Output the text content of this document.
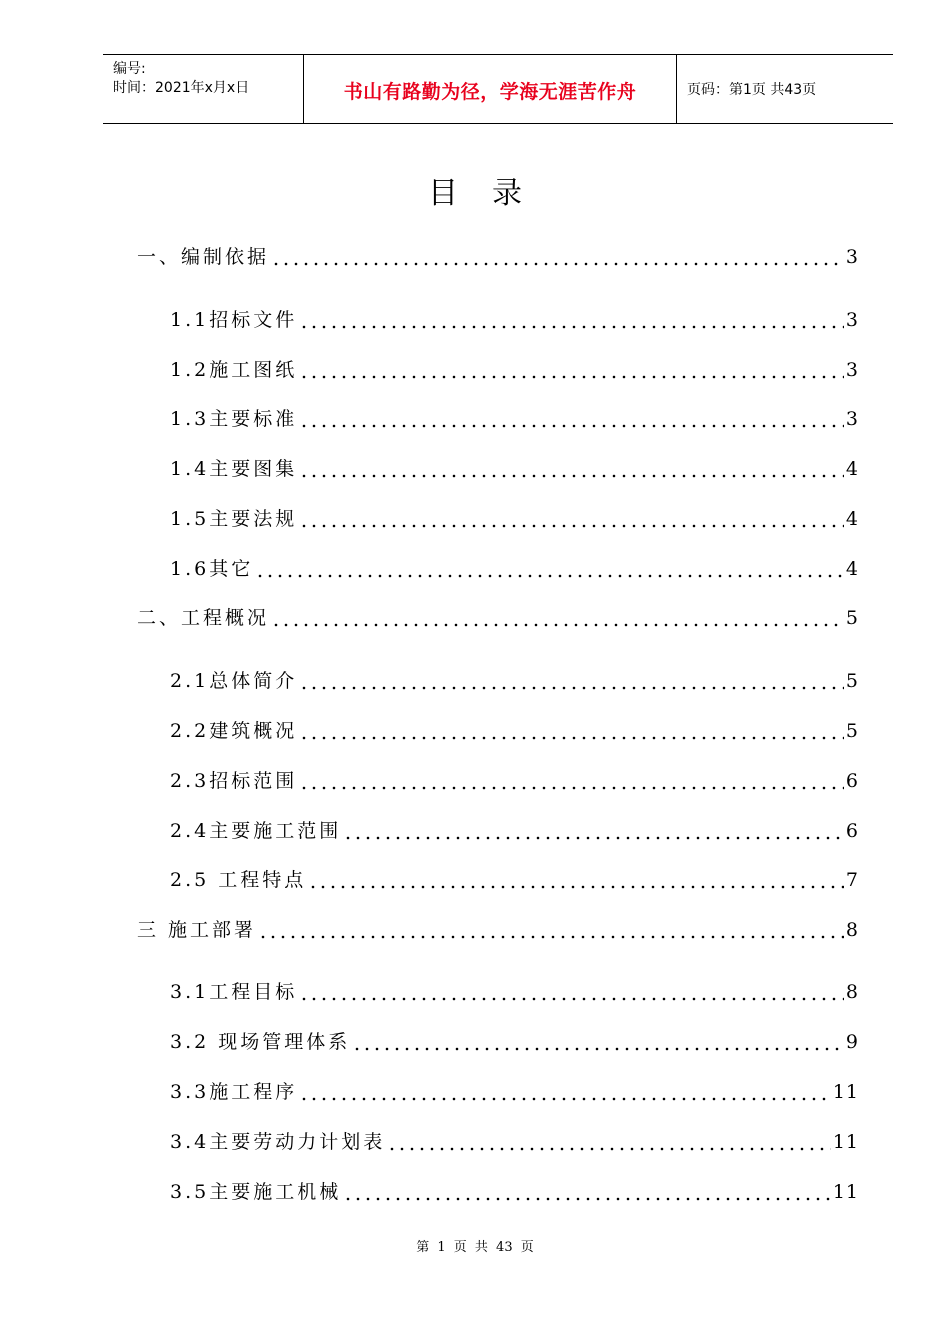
编号:
时间：2021年x月x日	书山有路勤为径，学海无涯苦作舟	页码：第1页 共43页
目录
一、编制依据	3
1.1招标文件	3
1.2施工图纸	3
1.3主要标准	3
1.4主要图集	4
1.5主要法规	4
1.6其它	4
二、工程概况	5
2.1总体简介	5
2.2建筑概况	5
2.3招标范围	6
2.4主要施工范围	6
2.5 工程特点	7
三 施工部署	8
3.1工程目标	8
3.2 现场管理体系	9
3.3施工程序	11
3.4主要劳动力计划表	11
3.5主要施工机械	11
第 1 页 共 43 页
